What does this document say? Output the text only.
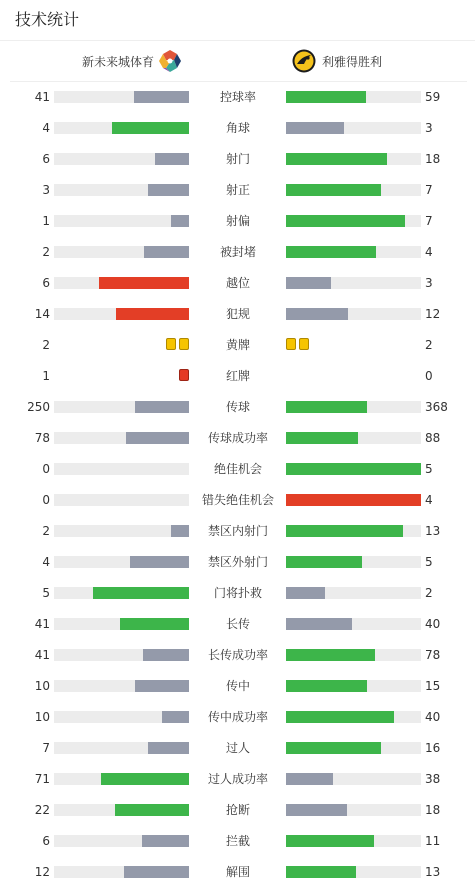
技术统计
新未来城体育	利雅得胜利
41	控球率	59
4	角球	3
6	射门	18
3	射正	7
1	射偏	7
2	被封堵	4
6	越位	3
14	犯规	12
2	黄牌	2
1	红牌	0
250	传球	368
78	传球成功率	88
0	绝佳机会	5
0	错失绝佳机会	4
2	禁区内射门	13
4	禁区外射门	5
5	门将扑救	2
41	长传	40
41	长传成功率	78
10	传中	15
10	传中成功率	40
7	过人	16
71	过人成功率	38
22	抢断	18
6	拦截	11
12	解围	13
